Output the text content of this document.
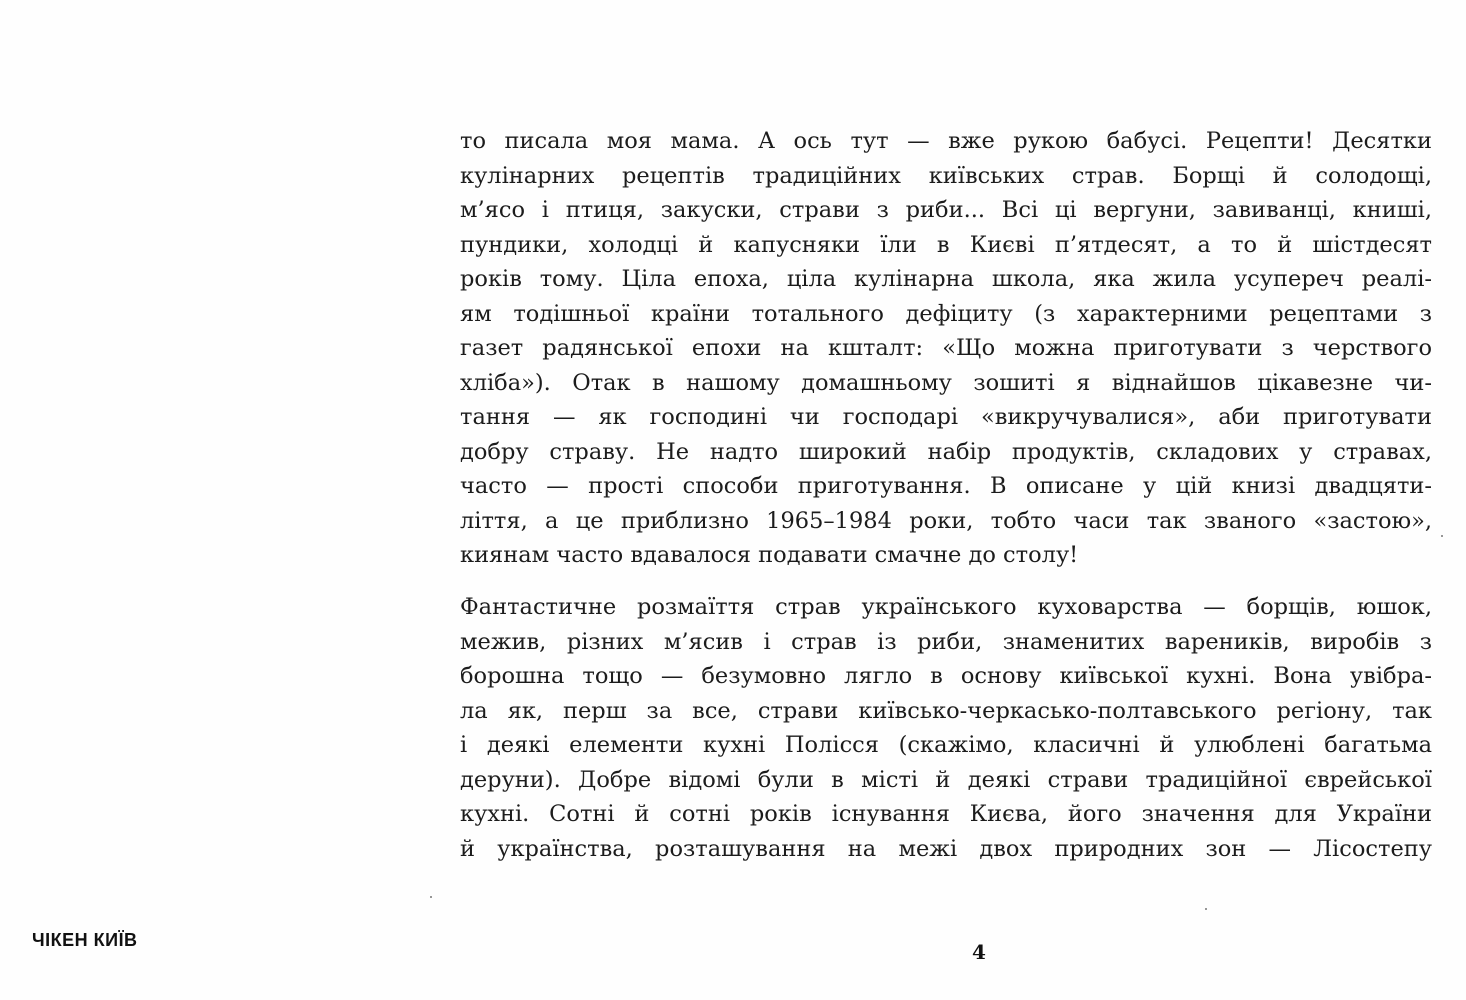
то писала моя мама. А ось тут — вже рукою бабусі. Рецепти! Десятки
кулінарних рецептів традиційних київських страв. Борщі й солодощі,
м’ясо і птиця, закуски, страви з риби... Всі ці вергуни, завиванці, книші,
пундики, холодці й капусняки їли в Києві п’ятдесят, а то й шістдесят
років тому. Ціла епоха, ціла кулінарна школа, яка жила усупереч реалі-
ям тодішньої країни тотального дефіциту (з характерними рецептами з
газет радянської епохи на кшталт: «Що можна приготувати з черствого
хліба»). Отак в нашому домашньому зошиті я віднайшов цікавезне чи-
тання — як господині чи господарі «викручувалися», аби приготувати
добру страву. Не надто широкий набір продуктів, складових у стравах,
часто — прості способи приготування. В описане у цій книзі двадцяти-
ліття, а це приблизно 1965–1984 роки, тобто часи так званого «застою»,
киянам часто вдавалося подавати смачне до столу!
Фантастичне розмаїття страв українського куховарства — борщів, юшок,
межив, різних м’ясив і страв із риби, знаменитих вареників, виробів з
борошна тощо — безумовно лягло в основу київської кухні. Вона увібра-
ла як, перш за все, страви київсько-черкасько-полтавського регіону, так
і деякі елементи кухні Полісся (скажімо, класичні й улюблені багатьма
деруни). Добре відомі були в місті й деякі страви традиційної єврейської
кухні. Сотні й сотні років існування Києва, його значення для України
й українства, розташування на межі двох природних зон — Лісостепу
ЧІКЕН КИЇВ	4
